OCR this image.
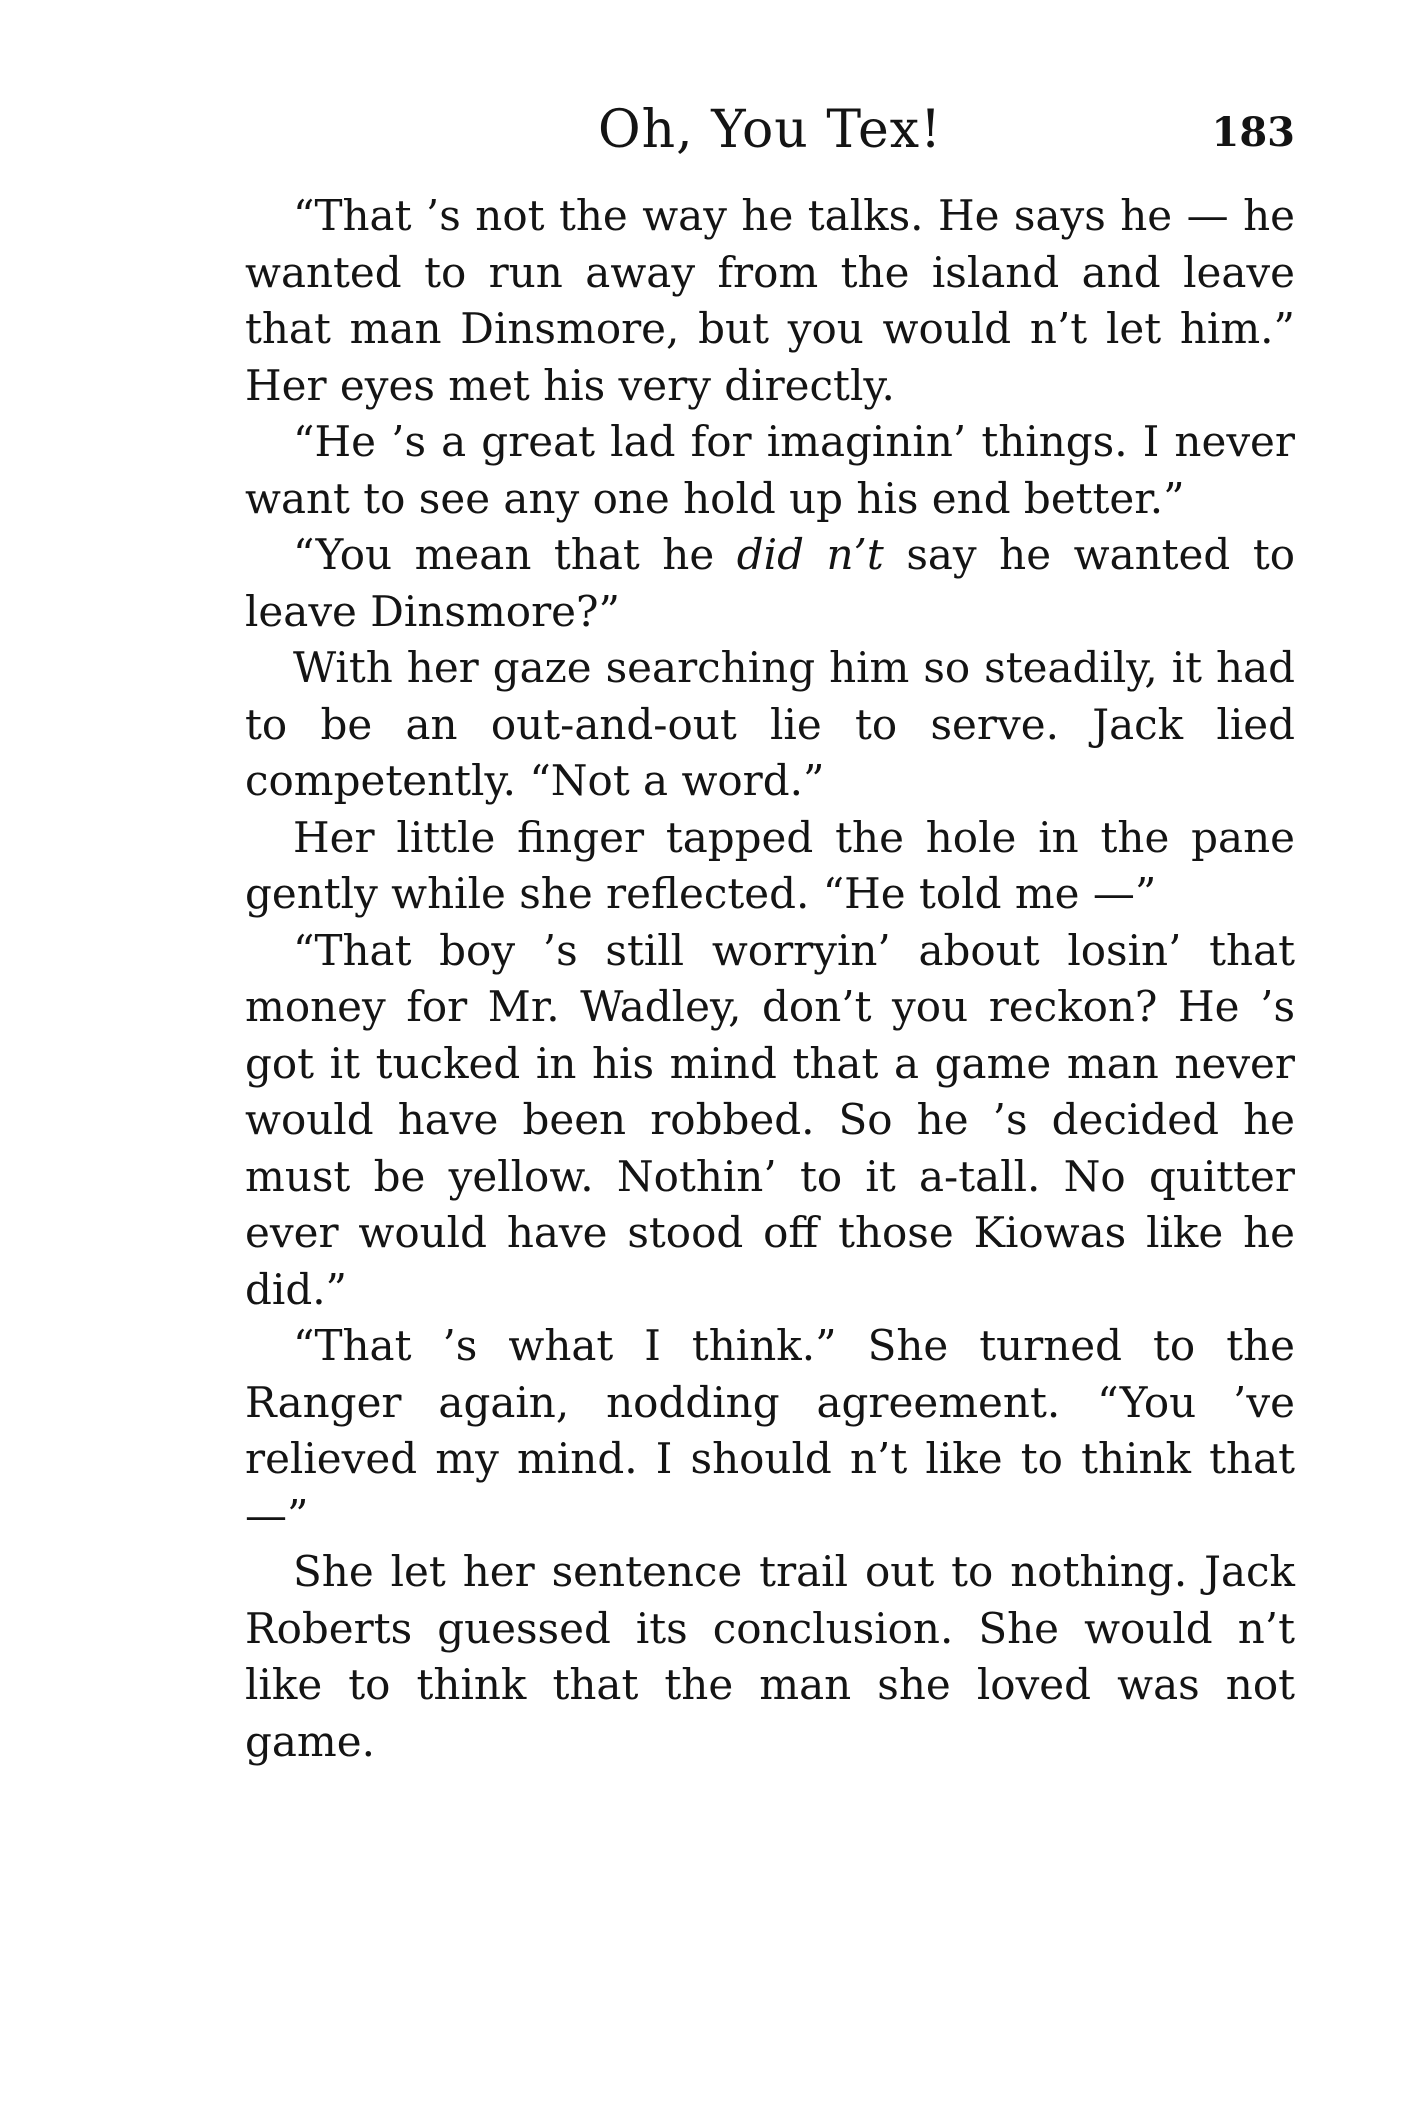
Oh, You Tex!	183

“That ’s not the way he talks. He says he — he wanted to run away from the island and leave that man Dinsmore, but you would n’t let him.” Her eyes met his very directly.

“He ’s a great lad for imaginin’ things. I never want to see any one hold up his end better.”

“You mean that he did n’t say he wanted to leave Dinsmore?”

With her gaze searching him so steadily, it had to be an out-and-out lie to serve. Jack lied competently. “Not a word.”

Her little finger tapped the hole in the pane gently while she reflected. “He told me —”

“That boy ’s still worryin’ about losin’ that money for Mr. Wadley, don’t you reckon? He ’s got it tucked in his mind that a game man never would have been robbed. So he ’s decided he must be yellow. Nothin’ to it a-tall. No quitter ever would have stood off those Kiowas like he did.”

“That ’s what I think.” She turned to the Ranger again, nodding agreement. “You ’ve relieved my mind. I should n’t like to think that —”

She let her sentence trail out to nothing. Jack Roberts guessed its conclusion. She would n’t like to think that the man she loved was not game.
